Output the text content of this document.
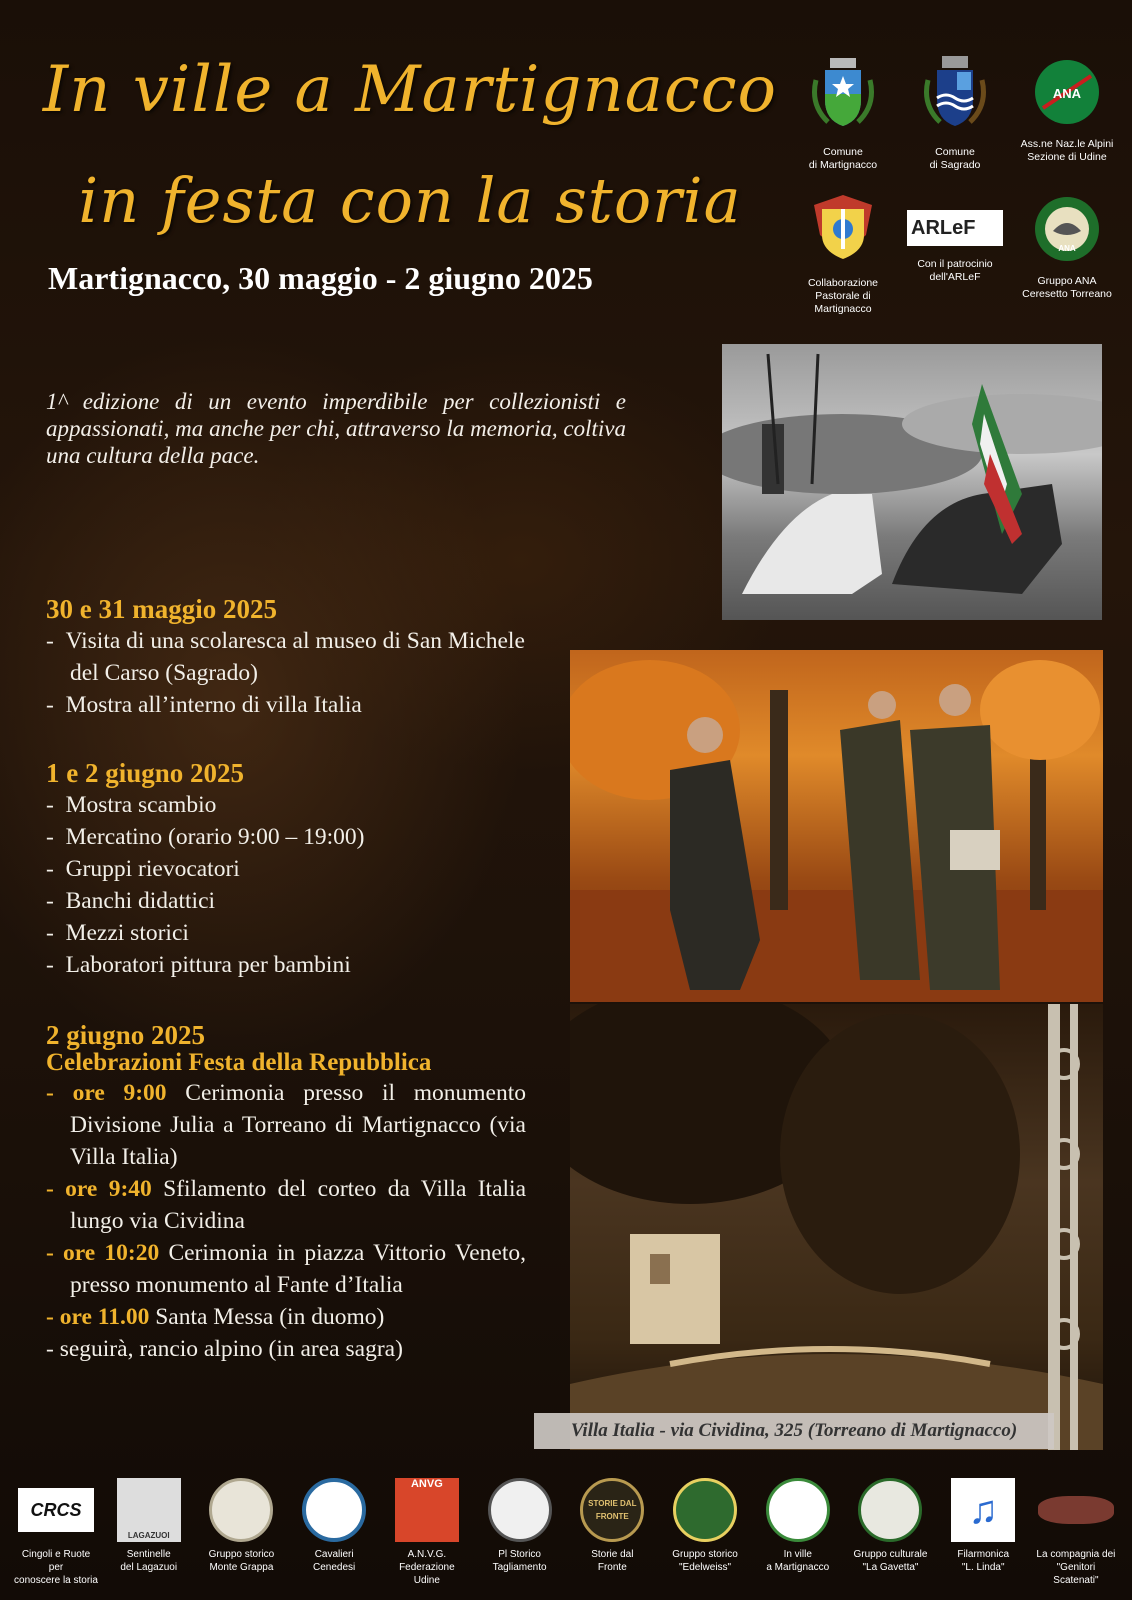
In ville a Martignacco
in festa con la storia
Martignacco, 30 maggio - 2 giugno 2025
Comune
di Martignacco
Comune
di Sagrado
ANA
Ass.ne Naz.le Alpini
Sezione di Udine
Collaborazione
Pastorale di
Martignacco
ARLeF
Con il patrocinio
dell'ARLeF
ANA
Gruppo ANA
Ceresetto Torreano
1^ edizione di un evento imperdibile per collezionisti e appassionati, ma anche per chi, attraverso la memoria, coltiva una cultura della pace.
Villa Italia - via Cividina, 325 (Torreano di Martignacco)
30 e 31 maggio 2025
-  Visita di una scolaresca al museo di San Michele del Carso (Sagrado)
-  Mostra all’interno di villa Italia
1 e 2 giugno 2025
-  Mostra scambio
-  Mercatino (orario 9:00 – 19:00)
-  Gruppi rievocatori
-  Banchi didattici
-  Mezzi storici
-  Laboratori pittura per bambini
2 giugno 2025
Celebrazioni Festa della Repubblica
- ore 9:00 Cerimonia presso il monumento Divisione Julia a Torreano di Martignacco (via Villa Italia)
- ore 9:40 Sfilamento del corteo da Villa Italia lungo via Cividina
- ore 10:20 Cerimonia in piazza Vittorio Veneto, presso monumento al Fante d’Italia
- ore 11.00 Santa Messa (in duomo)
- seguirà, rancio alpino (in area sagra)
CRCS
Cingoli e Ruote per
conoscere la storia
LAGAZUOI
Sentinelle
del Lagazuoi
Gruppo storico
Monte Grappa
Cavalieri
Cenedesi
ANVG
A.N.V.G.
Federazione Udine
Pl Storico
Tagliamento
STORIE DAL FRONTE
Storie dal
Fronte
Gruppo storico
"Edelweiss"
In ville
a Martignacco
Gruppo culturale
"La Gavetta"
♫
Filarmonica
"L. Linda"
La compagnia dei
"Genitori Scatenati"
